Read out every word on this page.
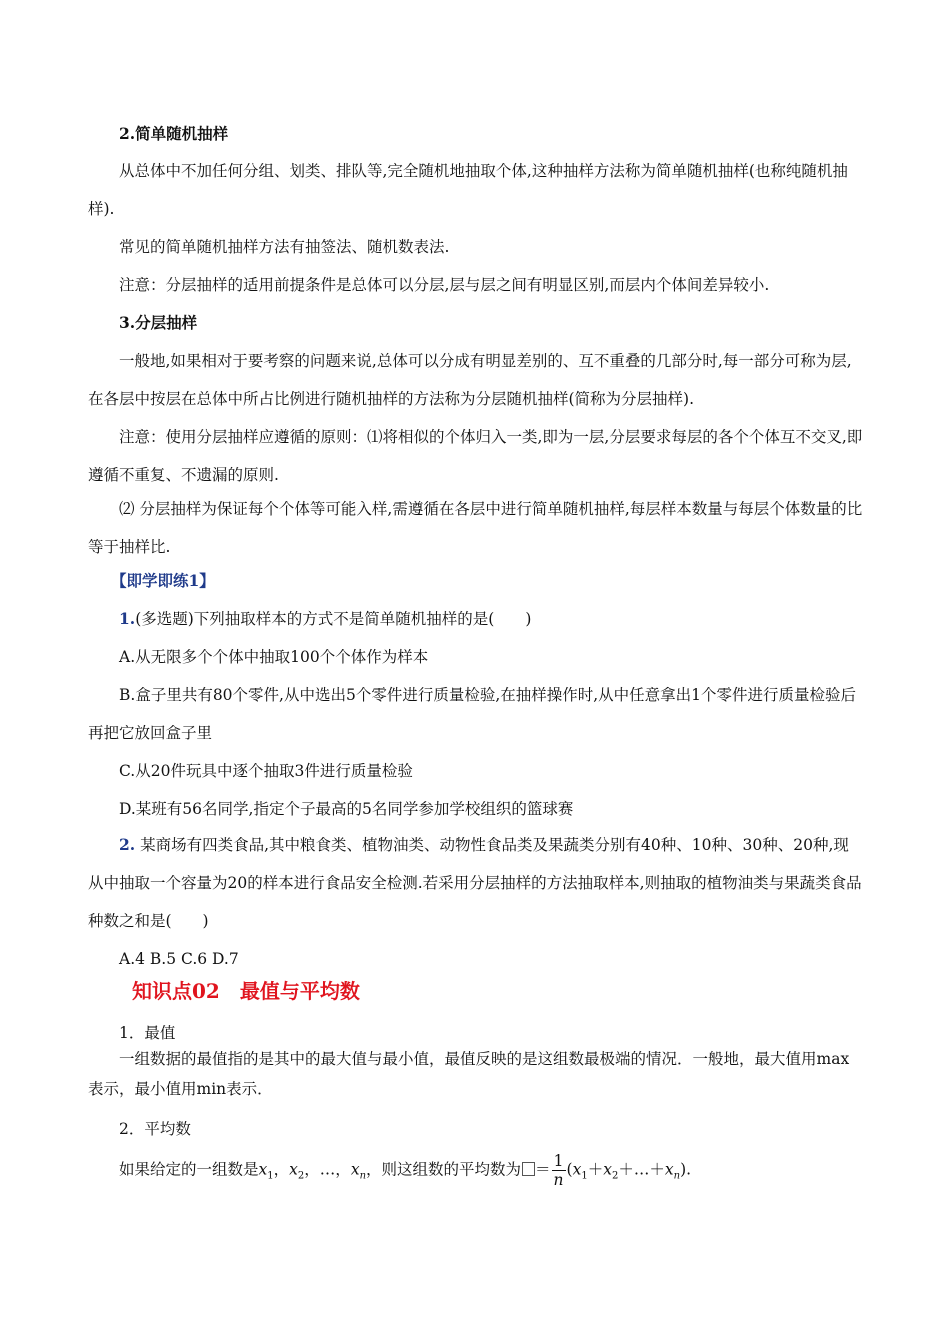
2.简单随机抽样

从总体中不加任何分组、划类、排队等,完全随机地抽取个体,这种抽样方法称为简单随机抽样(也称纯随机抽样).

常见的简单随机抽样方法有抽签法、随机数表法.

注意：分层抽样的适用前提条件是总体可以分层,层与层之间有明显区别,而层内个体间差异较小.

3.分层抽样

一般地,如果相对于要考察的问题来说,总体可以分成有明显差别的、互不重叠的几部分时,每一部分可称为层,在各层中按层在总体中所占比例进行随机抽样的方法称为分层随机抽样(简称为分层抽样).

注意：使用分层抽样应遵循的原则：⑴将相似的个体归入一类,即为一层,分层要求每层的各个个体互不交叉,即遵循不重复、不遗漏的原则.

⑵ 分层抽样为保证每个个体等可能入样,需遵循在各层中进行简单随机抽样,每层样本数量与每层个体数量的比等于抽样比.

【即学即练1】

1.(多选题)下列抽取样本的方式不是简单随机抽样的是(　　)

A.从无限多个个体中抽取100个个体作为样本

B.盒子里共有80个零件,从中选出5个零件进行质量检验,在抽样操作时,从中任意拿出1个零件进行质量检验后再把它放回盒子里

C.从20件玩具中逐个抽取3件进行质量检验

D.某班有56名同学,指定个子最高的5名同学参加学校组织的篮球赛

2. 某商场有四类食品,其中粮食类、植物油类、动物性食品类及果蔬类分别有40种、10种、30种、20种,现从中抽取一个容量为20的样本进行食品安全检测.若采用分层抽样的方法抽取样本,则抽取的植物油类与果蔬类食品种数之和是(　　)

A.4 B.5 C.6 D.7

知识点02　最值与平均数

1．最值

一组数据的最值指的是其中的最大值与最小值，最值反映的是这组数最极端的情况．一般地，最大值用max表示，最小值用min表示．

2．平均数

如果给定的一组数是$x_1$，$x_2$，…，$x_n$，则这组数的平均数为 ＝ $\frac{1}{n}$ $(x_1+x_2+\dots+x_n)$.
